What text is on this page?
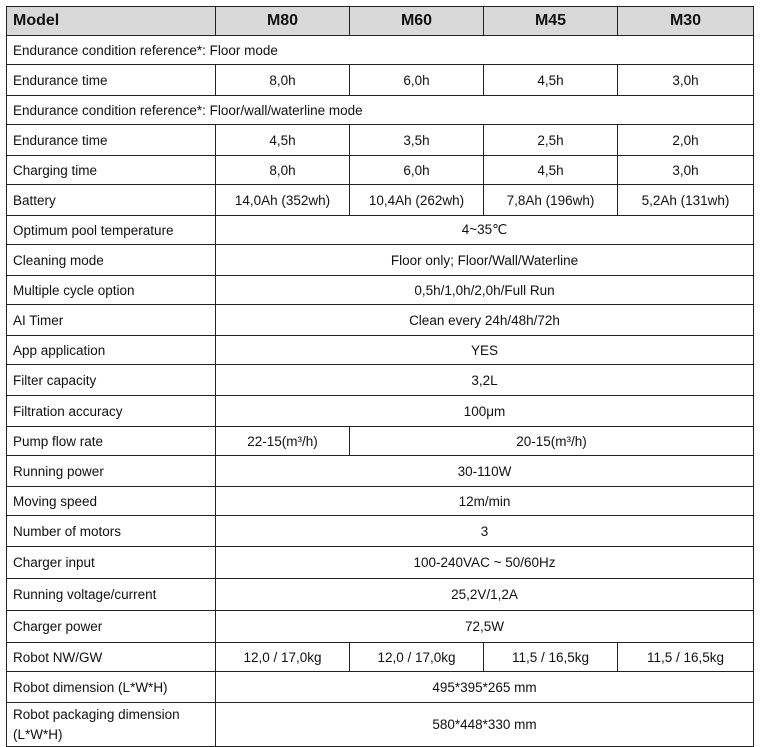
Model	M80	M60	M45	M30
Endurance condition reference*: Floor mode				
Endurance time	8,0h	6,0h	4,5h	3,0h
Endurance condition reference*: Floor/wall/waterline mode				
Endurance time	4,5h	3,5h	2,5h	2,0h
Charging time	8,0h	6,0h	4,5h	3,0h
Battery	14,0Ah (352wh)	10,4Ah (262wh)	7,8Ah (196wh)	5,2Ah (131wh)
Optimum pool temperature	4~35℃			
Cleaning mode	Floor only; Floor/Wall/Waterline			
Multiple cycle option	0,5h/1,0h/2,0h/Full Run			
AI Timer	Clean every 24h/48h/72h			
App application	YES			
Filter capacity	3,2L			
Filtration accuracy	100μm			
Pump flow rate	22-15(m³/h)	20-15(m³/h)		
Running power	30-110W			
Moving speed	12m/min			
Number of motors	3			
Charger input	100-240VAC ~ 50/60Hz			
Running voltage/current	25,2V/1,2A			
Charger power	72,5W			
Robot NW/GW	12,0 / 17,0kg	12,0 / 17,0kg	11,5 / 16,5kg	11,5 / 16,5kg
Robot dimension (L*W*H)	495*395*265 mm			
Robot packaging dimension (L*W*H)	580*448*330 mm			
